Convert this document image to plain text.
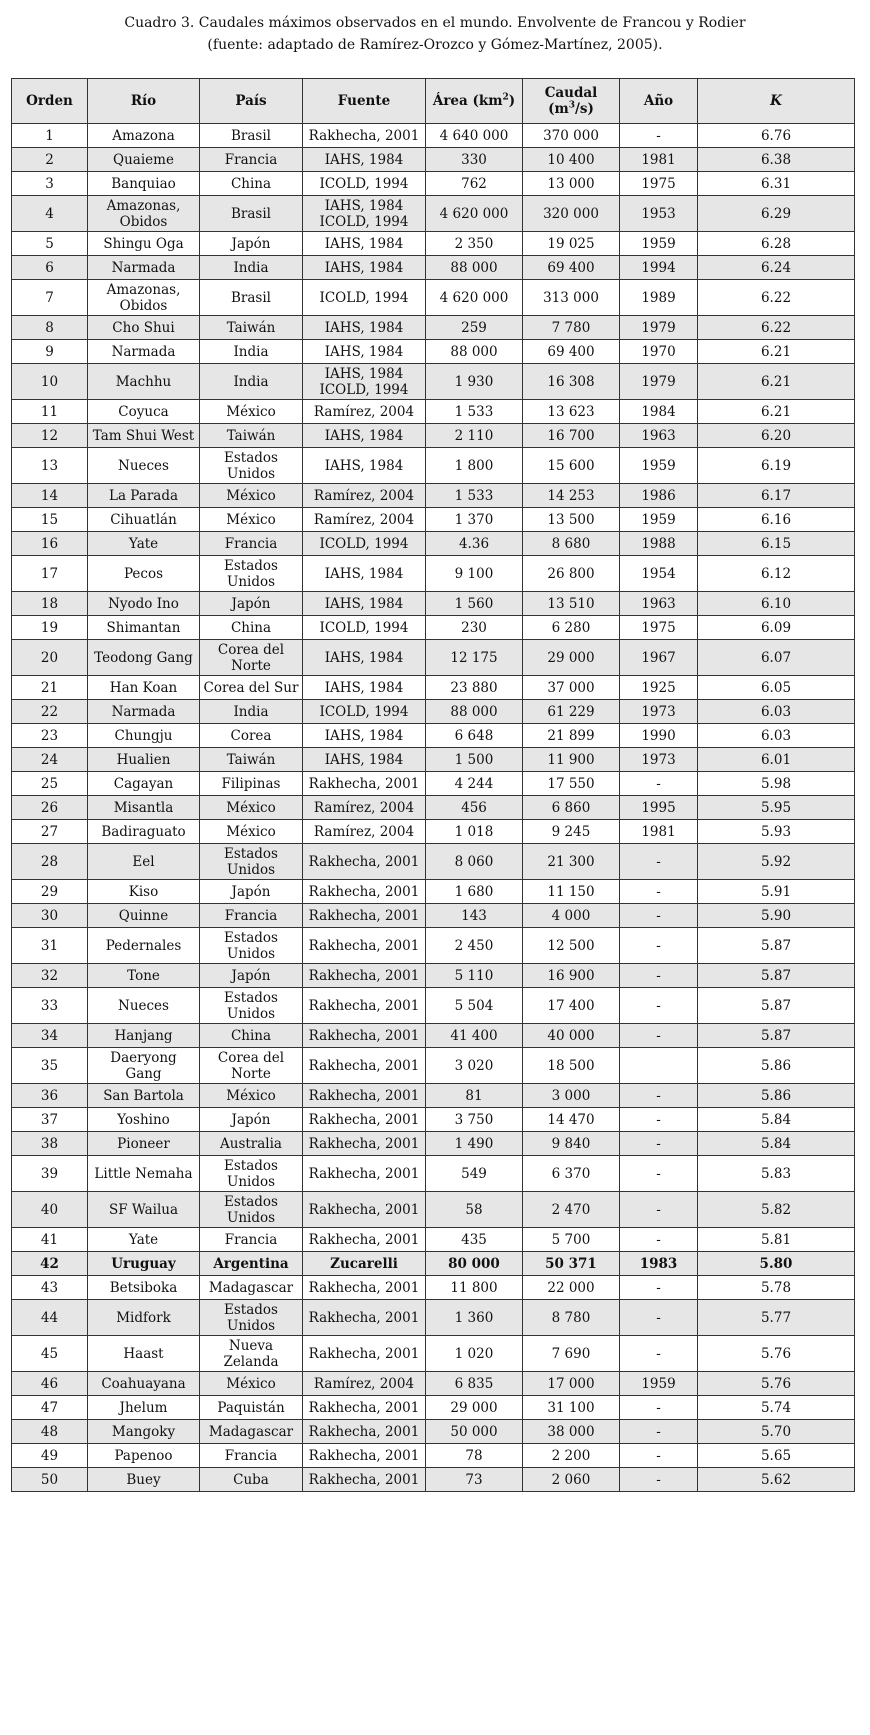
Cuadro 3. Caudales máximos observados en el mundo. Envolvente de Francou y Rodier
(fuente: adaptado de Ramírez-Orozco y Gómez-Martínez, 2005).
Orden	Río	País	Fuente	Área $(km^2)$	Caudal
$(m^3/s)$	Año	K
1	Amazona	Brasil	Rakhecha, 2001	4 640 000	370 000	-	6.76
2	Quaieme	Francia	IAHS, 1984	330	10 400	1981	6.38
3	Banquiao	China	ICOLD, 1994	762	13 000	1975	6.31
4	Amazonas,
Obidos	Brasil	IAHS, 1984
ICOLD, 1994	4 620 000	320 000	1953	6.29
5	Shingu Oga	Japón	IAHS, 1984	2 350	19 025	1959	6.28
6	Narmada	India	IAHS, 1984	88 000	69 400	1994	6.24
7	Amazonas,
Obidos	Brasil	ICOLD, 1994	4 620 000	313 000	1989	6.22
8	Cho Shui	Taiwán	IAHS, 1984	259	7 780	1979	6.22
9	Narmada	India	IAHS, 1984	88 000	69 400	1970	6.21
10	Machhu	India	IAHS, 1984
ICOLD, 1994	1 930	16 308	1979	6.21
11	Coyuca	México	Ramírez, 2004	1 533	13 623	1984	6.21
12	Tam Shui West	Taiwán	IAHS, 1984	2 110	16 700	1963	6.20
13	Nueces	Estados
Unidos	IAHS, 1984	1 800	15 600	1959	6.19
14	La Parada	México	Ramírez, 2004	1 533	14 253	1986	6.17
15	Cihuatlán	México	Ramírez, 2004	1 370	13 500	1959	6.16
16	Yate	Francia	ICOLD, 1994	4.36	8 680	1988	6.15
17	Pecos	Estados
Unidos	IAHS, 1984	9 100	26 800	1954	6.12
18	Nyodo Ino	Japón	IAHS, 1984	1 560	13 510	1963	6.10
19	Shimantan	China	ICOLD, 1994	230	6 280	1975	6.09
20	Teodong Gang	Corea del
Norte	IAHS, 1984	12 175	29 000	1967	6.07
21	Han Koan	Corea del Sur	IAHS, 1984	23 880	37 000	1925	6.05
22	Narmada	India	ICOLD, 1994	88 000	61 229	1973	6.03
23	Chungju	Corea	IAHS, 1984	6 648	21 899	1990	6.03
24	Hualien	Taiwán	IAHS, 1984	1 500	11 900	1973	6.01
25	Cagayan	Filipinas	Rakhecha, 2001	4 244	17 550	-	5.98
26	Misantla	México	Ramírez, 2004	456	6 860	1995	5.95
27	Badiraguato	México	Ramírez, 2004	1 018	9 245	1981	5.93
28	Eel	Estados
Unidos	Rakhecha, 2001	8 060	21 300	-	5.92
29	Kiso	Japón	Rakhecha, 2001	1 680	11 150	-	5.91
30	Quinne	Francia	Rakhecha, 2001	143	4 000	-	5.90
31	Pedernales	Estados
Unidos	Rakhecha, 2001	2 450	12 500	-	5.87
32	Tone	Japón	Rakhecha, 2001	5 110	16 900	-	5.87
33	Nueces	Estados
Unidos	Rakhecha, 2001	5 504	17 400	-	5.87
34	Hanjang	China	Rakhecha, 2001	41 400	40 000	-	5.87
35	Daeryong
Gang	Corea del
Norte	Rakhecha, 2001	3 020	18 500		5.86
36	San Bartola	México	Rakhecha, 2001	81	3 000	-	5.86
37	Yoshino	Japón	Rakhecha, 2001	3 750	14 470	-	5.84
38	Pioneer	Australia	Rakhecha, 2001	1 490	9 840	-	5.84
39	Little Nemaha	Estados
Unidos	Rakhecha, 2001	549	6 370	-	5.83
40	SF Wailua	Estados
Unidos	Rakhecha, 2001	58	2 470	-	5.82
41	Yate	Francia	Rakhecha, 2001	435	5 700	-	5.81
42	Uruguay	Argentina	Zucarelli	80 000	50 371	1983	5.80
43	Betsiboka	Madagascar	Rakhecha, 2001	11 800	22 000	-	5.78
44	Midfork	Estados
Unidos	Rakhecha, 2001	1 360	8 780	-	5.77
45	Haast	Nueva
Zelanda	Rakhecha, 2001	1 020	7 690	-	5.76
46	Coahuayana	México	Ramírez, 2004	6 835	17 000	1959	5.76
47	Jhelum	Paquistán	Rakhecha, 2001	29 000	31 100	-	5.74
48	Mangoky	Madagascar	Rakhecha, 2001	50 000	38 000	-	5.70
49	Papenoo	Francia	Rakhecha, 2001	78	2 200	-	5.65
50	Buey	Cuba	Rakhecha, 2001	73	2 060	-	5.62
